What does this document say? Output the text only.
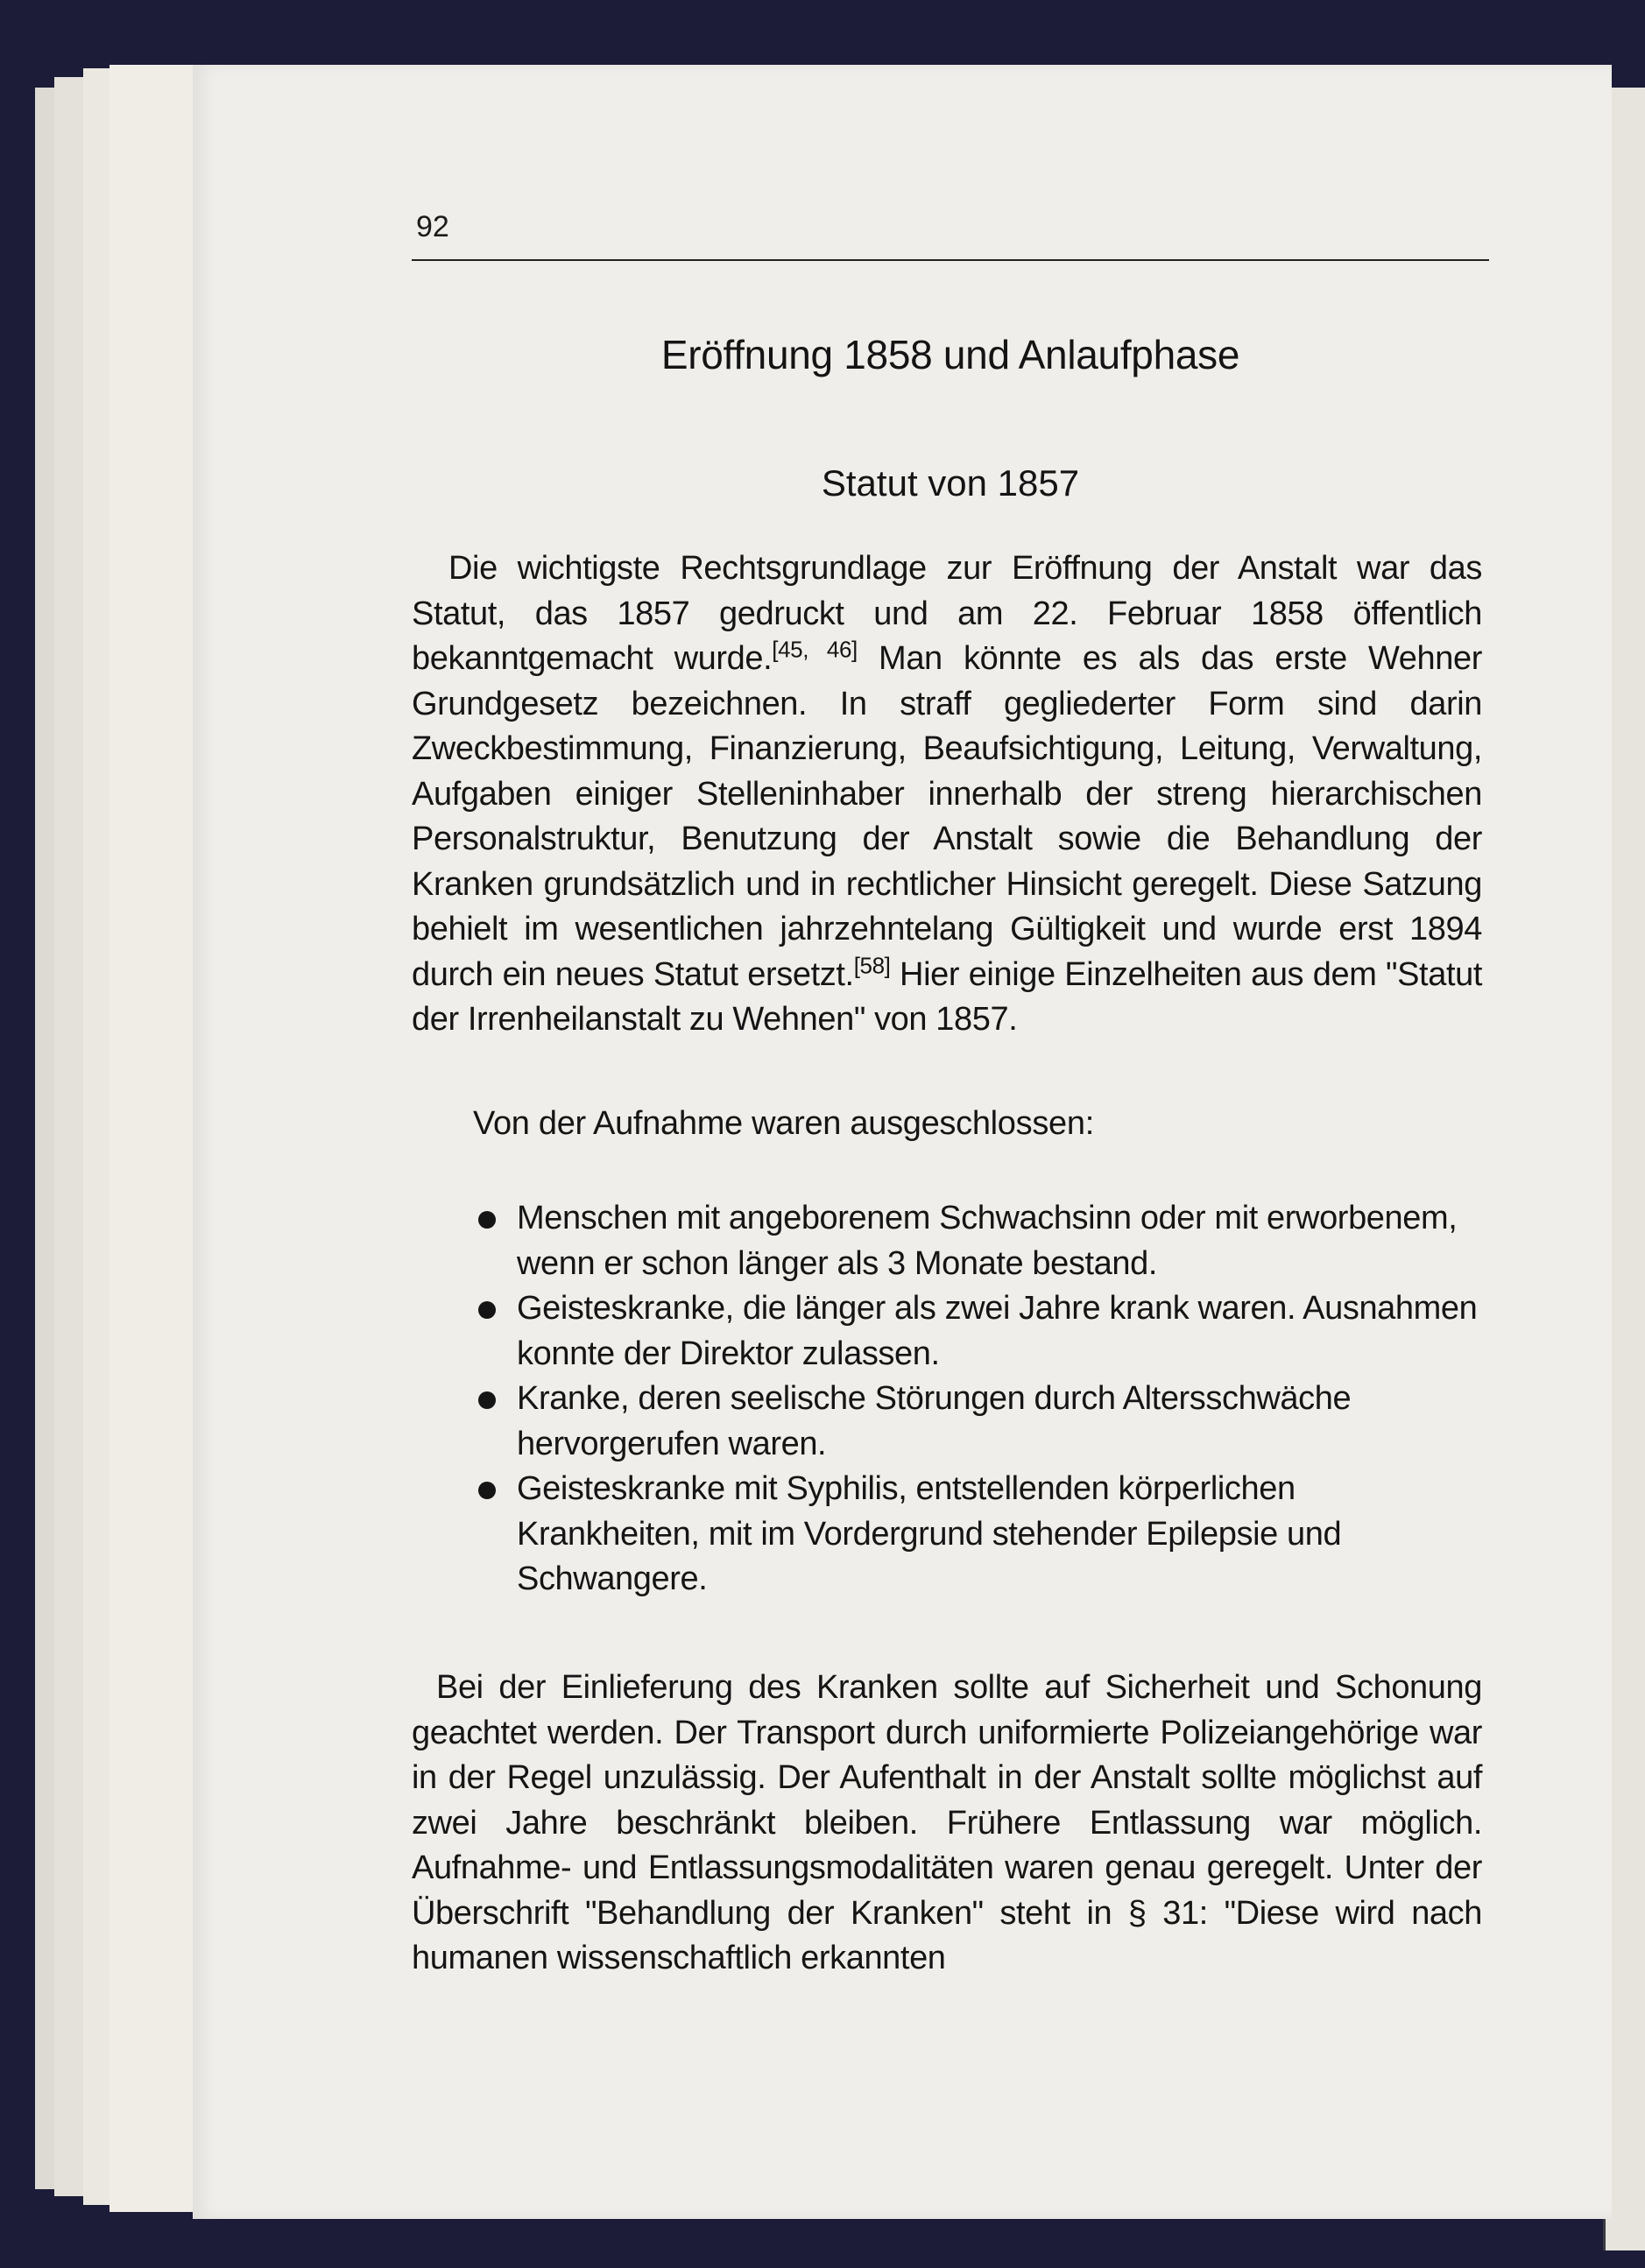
92
Eröffnung 1858 und Anlaufphase
Statut von 1857
Die wichtigste Rechtsgrundlage zur Eröffnung der Anstalt war das Statut, das 1857 gedruckt und am 22. Februar 1858 öffentlich bekanntgemacht wurde.[45, 46] Man könnte es als das erste Wehner Grundgesetz bezeichnen. In straff gegliederter Form sind darin Zweckbestimmung, Finanzierung, Beaufsichtigung, Leitung, Verwaltung, Aufgaben einiger Stelleninhaber innerhalb der streng hierarchischen Personalstruktur, Benutzung der Anstalt sowie die Behandlung der Kranken grundsätzlich und in rechtlicher Hinsicht geregelt. Diese Satzung behielt im wesentlichen jahrzehntelang Gültigkeit und wurde erst 1894 durch ein neues Statut ersetzt.[58] Hier einige Einzelheiten aus dem "Statut der Irrenheilanstalt zu Wehnen" von 1857.
Von der Aufnahme waren ausgeschlossen:
Menschen mit angeborenem Schwachsinn oder mit erworbenem, wenn er schon länger als 3 Monate bestand.
Geisteskranke, die länger als zwei Jahre krank waren. Ausnahmen konnte der Direktor zulassen.
Kranke, deren seelische Störungen durch Altersschwäche hervorgerufen waren.
Geisteskranke mit Syphilis, entstellenden körperlichen Krankheiten, mit im Vordergrund stehender Epilepsie und Schwangere.
Bei der Einlieferung des Kranken sollte auf Sicherheit und Schonung geachtet werden. Der Transport durch uniformierte Polizeiangehörige war in der Regel unzulässig. Der Aufenthalt in der Anstalt sollte möglichst auf zwei Jahre beschränkt bleiben. Frühere Entlassung war möglich. Aufnahme- und Entlassungsmodalitäten waren genau geregelt. Unter der Überschrift "Behandlung der Kranken" steht in § 31: "Diese wird nach humanen wissenschaftlich erkannten
